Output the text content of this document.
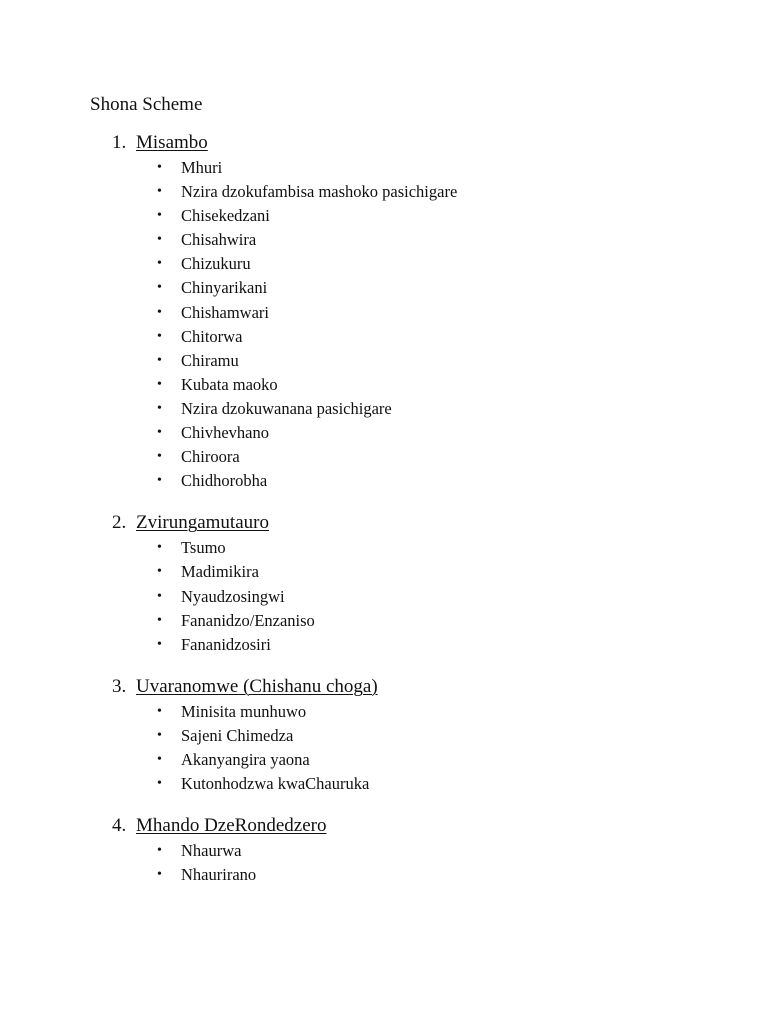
Shona Scheme
1. Misambo
• Mhuri
• Nzira dzokufambisa mashoko pasichigare
• Chisekedzani
• Chisahwira
• Chizukuru
• Chinyarikani
• Chishamwari
• Chitorwa
• Chiramu
• Kubata maoko
• Nzira dzokuwanana pasichigare
• Chivhevhano
• Chiroora
• Chidhorobha
2. Zvirungamutauro
• Tsumo
• Madimikira
• Nyaudzosingwi
• Fananidzo/Enzaniso
• Fananidzosiri
3. Uvaranomwe (Chishanu choga)
• Minisita munhuwo
• Sajeni Chimedza
• Akanyangira yaona
• Kutonhodzwa kwaChauruka
4. Mhando DzeRondedzero
• Nhaurwa
• Nhaurirano
